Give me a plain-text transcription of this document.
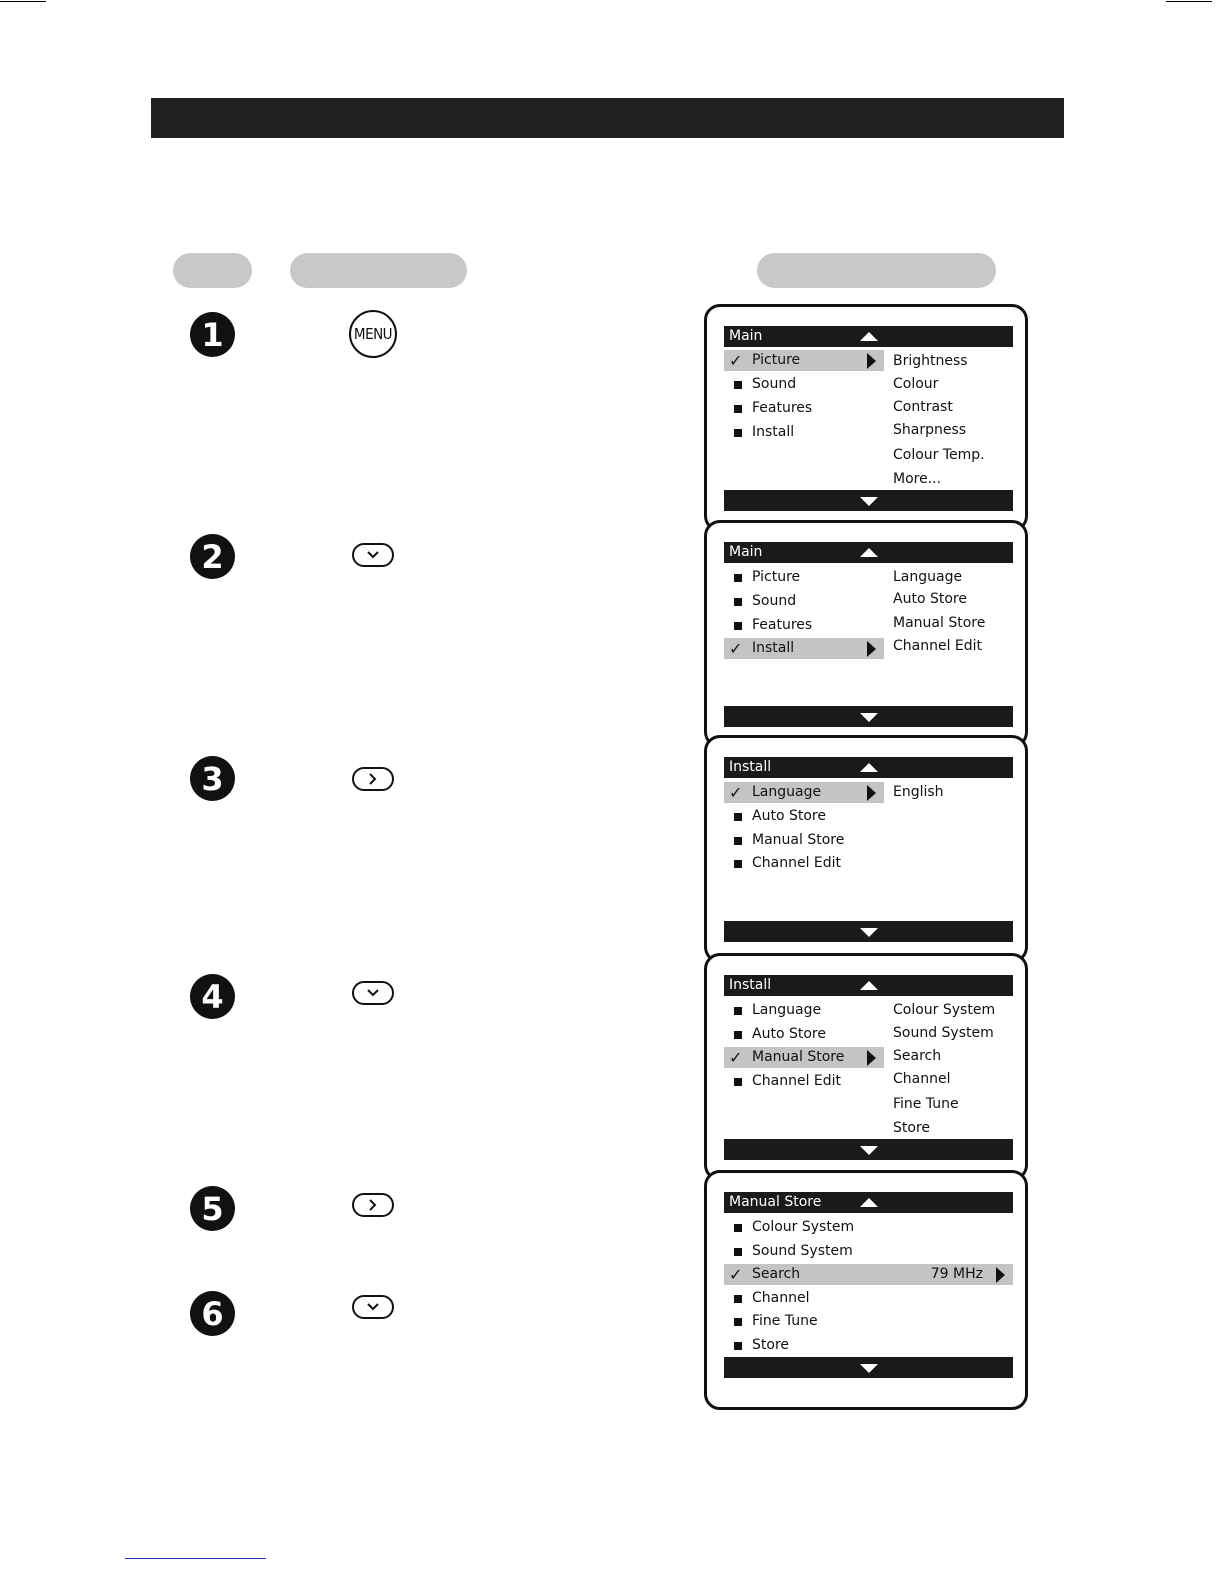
1
2
3
4
5
6
MENU	Main
✓ Picture
Sound
Features
Install
Brightness
Colour
Contrast
Sharpness
Colour Temp.
More...
Main
Picture
Sound
Features
✓ Install
Language
Auto Store
Manual Store
Channel Edit
Install
✓ Language
Auto Store
Manual Store
Channel Edit
English
Install
Language
Auto Store
✓ Manual Store
Channel Edit
Colour System
Sound System
Search
Channel
Fine Tune
Store
Manual Store
Colour System
Sound System
✓ Search	79 MHz
Channel
Fine Tune
Store
